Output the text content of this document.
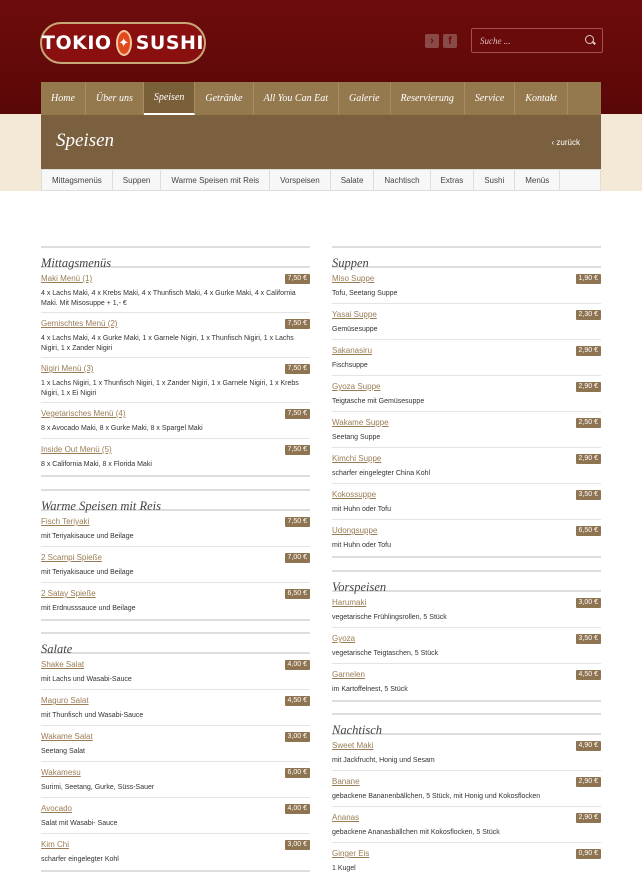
TOKIO ✦ SUSHI	›	f
Suche ...
Home	Über uns	Speisen	Getränke	All You Can Eat	Galerie	Reservierung	Service	Kontakt
Speisen	‹ zurück
Mittagsmenüs	Suppen	Warme Speisen mit Reis	Vorspeisen	Salate	Nachtisch	Extras	Sushi	Menüs
Mittagsmenüs
Maki Menü (1)	7,50 €
4 x Lachs Maki, 4 x Krebs Maki, 4 x Thunfisch Maki, 4 x Gurke Maki, 4 x California Maki. Mit Misosuppe + 1,- €
Gemischtes Menü (2)	7,50 €
4 x Lachs Maki, 4 x Gurke Maki, 1 x Garnele Nigiri, 1 x Thunfisch Nigiri, 1 x Lachs Nigiri, 1 x Zander Nigiri
Nigiri Menü (3)	7,50 €
1 x Lachs Nigiri, 1 x Thunfisch Nigiri, 1 x Zander Nigiri, 1 x Garnele Nigiri, 1 x Krebs Nigiri, 1 x Ei Nigiri
Vegetarisches Menü (4)	7,50 €
8 x Avocado Maki, 8 x Gurke Maki, 8 x Spargel Maki
Inside Out Menü (5)	7,50 €
8 x California Maki, 8 x Florida Maki
Warme Speisen mit Reis
Fisch Teriyaki	7,50 €
mit Teriyakisauce und Beilage
2 Scampi Spieße	7,00 €
mit Teriyakisauce und Beilage
2 Satay Spieße	6,50 €
mit Erdnusssauce und Beilage
Salate
Shake Salat	4,00 €
mit Lachs und Wasabi-Sauce
Maguro Salat	4,50 €
mit Thunfisch und Wasabi-Sauce
Wakame Salat	3,00 €
Seetang Salat
Wakamesu	6,00 €
Surimi, Seetang, Gurke, Süss-Sauer
Avocado	4,00 €
Salat mit Wasabi- Sauce
Kim Chi	3,00 €
scharfer eingelegter Kohl
Suppen
Miso Suppe	1,90 €
Tofu, Seetang Suppe
Yasai Suppe	2,30 €
Gemüsesuppe
Sakanasiru	2,90 €
Fischsuppe
Gyoza Suppe	2,90 €
Teigtasche mit Gemüsesuppe
Wakame Suppe	2,50 €
Seetang Suppe
Kimchi Suppe	2,90 €
scharfer eingelegter China Kohl
Kokossuppe	3,50 €
mit Huhn oder Tofu
Udongsuppe	6,50 €
mit Huhn oder Tofu
Vorspeisen
Harumaki	3,00 €
vegetarische Frühlingsrollen, 5 Stück
Gyoza	3,50 €
vegetarische Teigtaschen, 5 Stück
Garnelen	4,50 €
im Kartoffelnest, 5 Stück
Nachtisch
Sweet Maki	4,90 €
mit Jackfrucht, Honig und Sesam
Banane	2,90 €
gebackene Bananenbällchen, 5 Stück, mit Honig und Kokosflocken
Ananas	2,90 €
gebackene Ananasbällchen mit Kokosflocken, 5 Stück
Ginger Eis	0,90 €
1 Kugel
